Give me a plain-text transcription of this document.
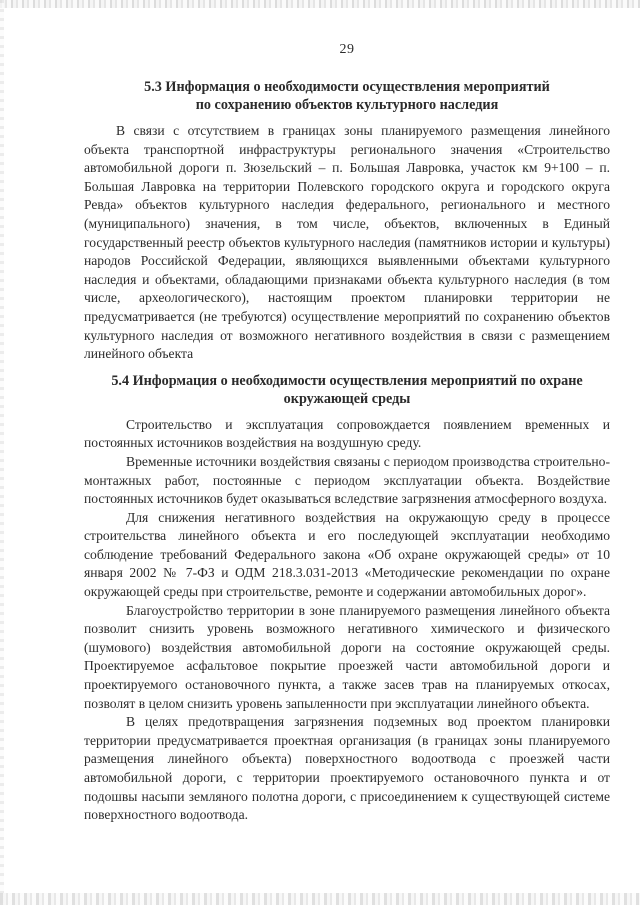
29
5.3 Информация о необходимости осуществления мероприятий
по сохранению объектов культурного наследия

В связи с отсутствием в границах зоны планируемого размещения линейного объекта транспортной инфраструктуры регионального значения «Строительство автомобильной дороги п. Зюзельский – п. Большая Лавровка, участок км 9+100 – п. Большая Лавровка на территории Полевского городского округа и городского округа Ревда» объектов культурного наследия федерального, регионального и местного (муниципального) значения, в том числе, объектов, включенных в Единый государственный реестр объектов культурного наследия (памятников истории и культуры) народов Российской Федерации, являющихся выявленными объектами культурного наследия и объектами, обладающими признаками объекта культурного наследия (в том числе, археологического), настоящим проектом планировки территории не предусматривается (не требуются) осуществление мероприятий по сохранению объектов культурного наследия от возможного негативного воздействия в связи с размещением линейного объекта

5.4 Информация о необходимости осуществления мероприятий по охране
окружающей среды

Строительство и эксплуатация сопровождается появлением временных и постоянных источников воздействия на воздушную среду.

Временные источники воздействия связаны с периодом производства строительно-монтажных работ, постоянные с периодом эксплуатации объекта. Воздействие постоянных источников будет оказываться вследствие загрязнения атмосферного воздуха.

Для снижения негативного воздействия на окружающую среду в процессе строительства линейного объекта и его последующей эксплуатации необходимо соблюдение требований Федерального закона «Об охране окружающей среды» от 10 января 2002 № 7-ФЗ и ОДМ 218.3.031-2013 «Методические рекомендации по охране окружающей среды при строительстве, ремонте и содержании автомобильных дорог».

Благоустройство территории в зоне планируемого размещения линейного объекта позволит снизить уровень возможного негативного химического и физического (шумового) воздействия автомобильной дороги на состояние окружающей среды. Проектируемое асфальтовое покрытие проезжей части автомобильной дороги и проектируемого остановочного пункта, а также засев трав на планируемых откосах, позволят в целом снизить уровень запыленности при эксплуатации линейного объекта.

В целях предотвращения загрязнения подземных вод проектом планировки территории предусматривается проектная организация (в границах зоны планируемого размещения линейного объекта) поверхностного водоотвода с проезжей части автомобильной дороги, с территории проектируемого остановочного пункта и от подошвы насыпи земляного полотна дороги, с присоединением к существующей системе поверхностного водоотвода.
